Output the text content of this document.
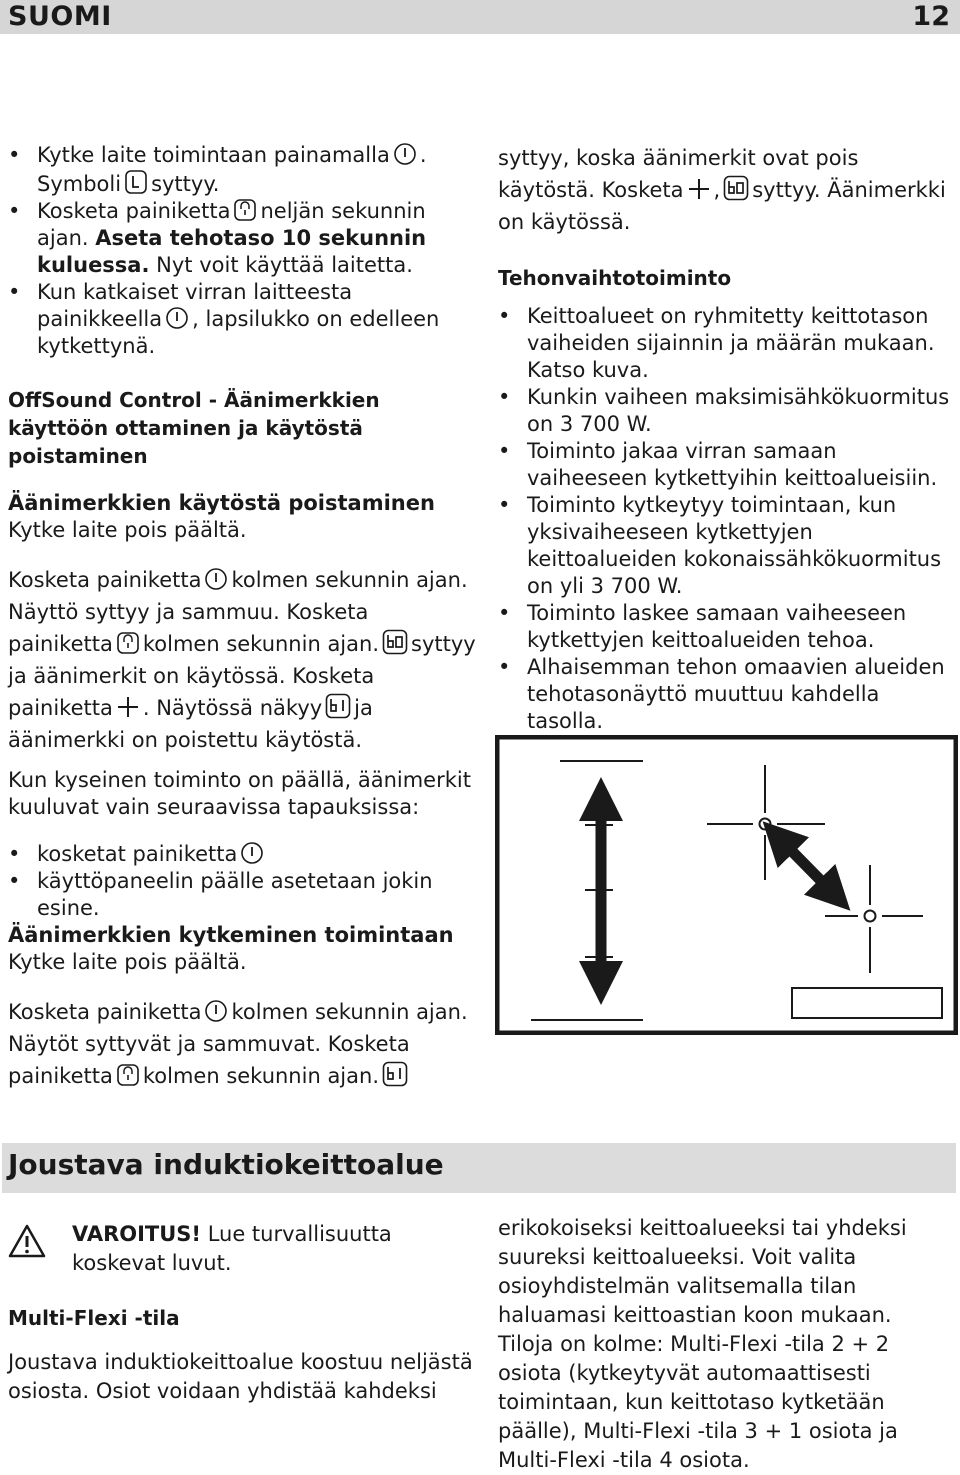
SUOMI	12
• Kytke laite toimintaan painamalla . Symboli syttyy.
• Kosketa painiketta neljän sekunnin ajan. Aseta tehotaso 10 sekunnin kuluessa. Nyt voit käyttää laitetta.
• Kun katkaiset virran laitteesta painikkeella , lapsilukko on edelleen kytkettynä.
OffSound Control - Äänimerkkien käyttöön ottaminen ja käytöstä poistaminen
Äänimerkkien käytöstä poistaminen

Kytke laite pois päältä.

Kosketa painiketta kolmen sekunnin ajan. Näyttö syttyy ja sammuu. Kosketa painiketta kolmen sekunnin ajan. syttyy ja äänimerkit on käytössä. Kosketa painiketta . Näytössä näkyy ja äänimerkki on poistettu käytöstä.

Kun kyseinen toiminto on päällä, äänimerkit kuuluvat vain seuraavissa tapauksissa:

• kosketat painiketta
• käyttöpaneelin päälle asetetaan jokin esine.
Äänimerkkien kytkeminen toimintaan

Kytke laite pois päältä.

Kosketa painiketta kolmen sekunnin ajan. Näytöt syttyvät ja sammuvat. Kosketa painiketta kolmen sekunnin ajan.

syttyy, koska äänimerkit ovat pois käytöstä. Kosketa , syttyy. Äänimerkki on käytössä.

Tehonvaihtotoiminto
• Keittoalueet on ryhmitetty keittotason vaiheiden sijainnin ja määrän mukaan. Katso kuva.
• Kunkin vaiheen maksimisähkökuormitus on 3 700 W.
• Toiminto jakaa virran samaan vaiheeseen kytkettyihin keittoalueisiin.
• Toiminto kytkeytyy toimintaan, kun yksivaiheeseen kytkettyjen keittoalueiden kokonaissähkökuormitus on yli 3 700 W.
• Toiminto laskee samaan vaiheeseen kytkettyjen keittoalueiden tehoa.
• Alhaisemman tehon omaavien alueiden tehotasonäyttö muuttuu kahdella tasolla.
Joustava induktiokeittoalue

VAROITUS! Lue turvallisuutta koskevat luvut.

Multi-Flexi -tila

Joustava induktiokeittoalue koostuu neljästä osiosta. Osiot voidaan yhdistää kahdeksi

erikokoiseksi keittoalueeksi tai yhdeksi suureksi keittoalueeksi. Voit valita osioyhdistelmän valitsemalla tilan haluamasi keittoastian koon mukaan. Tiloja on kolme: Multi-Flexi -tila 2 + 2 osiota (kytkeytyvät automaattisesti toimintaan, kun keittotaso kytketään päälle), Multi-Flexi -tila 3 + 1 osiota ja Multi-Flexi -tila 4 osiota.
